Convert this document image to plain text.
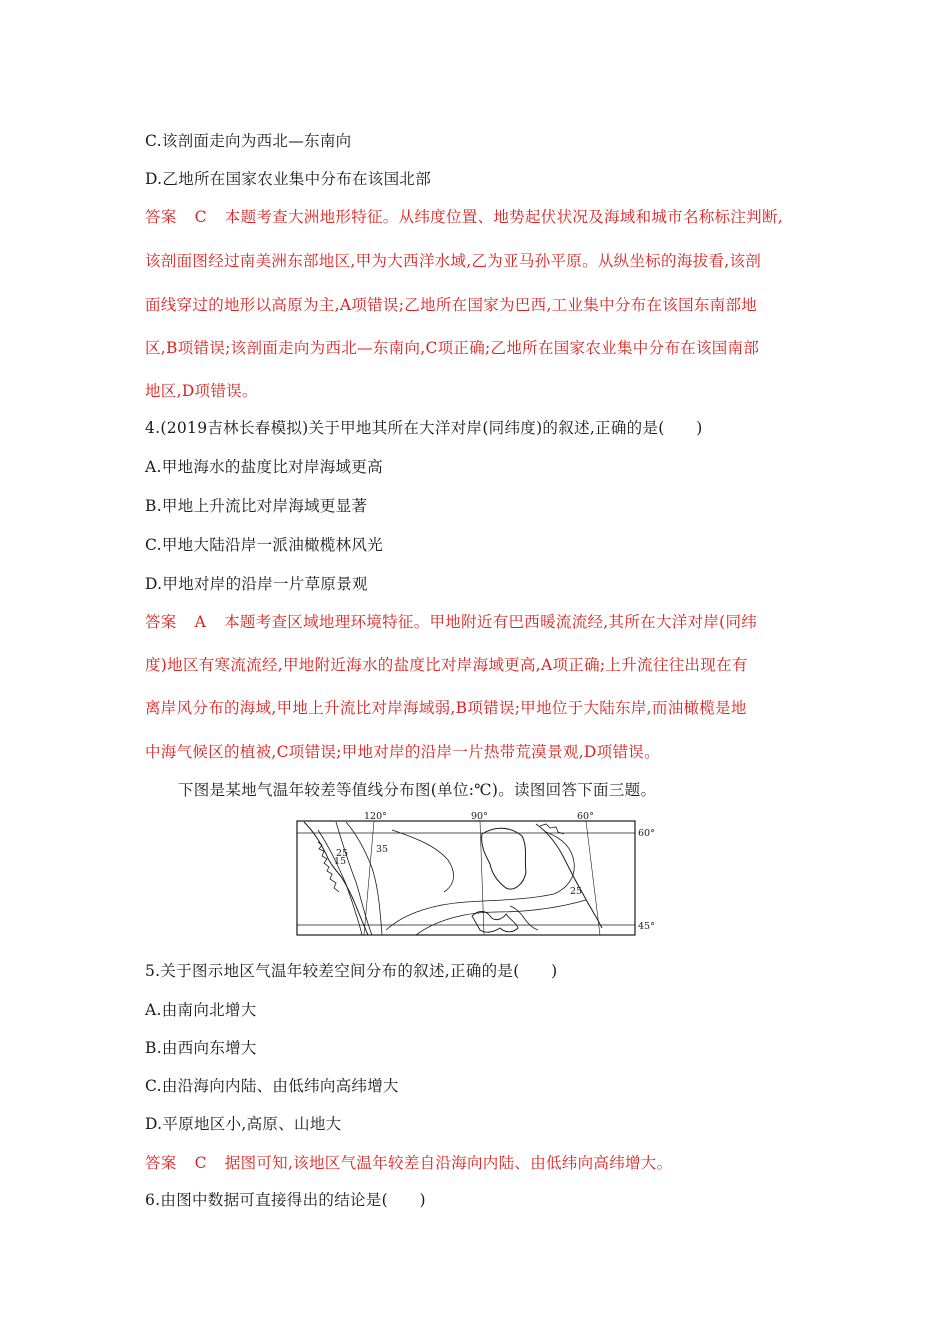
C.该剖面走向为西北—东南向
D.乙地所在国家农业集中分布在该国北部
答案 C 本题考查大洲地形特征。从纬度位置、地势起伏状况及海域和城市名称标注判断,
该剖面图经过南美洲东部地区,甲为大西洋水域,乙为亚马孙平原。从纵坐标的海拔看,该剖
面线穿过的地形以高原为主,A项错误;乙地所在国家为巴西,工业集中分布在该国东南部地
区,B项错误;该剖面走向为西北—东南向,C项正确;乙地所在国家农业集中分布在该国南部
地区,D项错误。
4.(2019吉林长春模拟)关于甲地其所在大洋对岸(同纬度)的叙述,正确的是(　　)
A.甲地海水的盐度比对岸海域更高
B.甲地上升流比对岸海域更显著
C.甲地大陆沿岸一派油橄榄林风光
D.甲地对岸的沿岸一片草原景观
答案 A 本题考查区域地理环境特征。甲地附近有巴西暖流流经,其所在大洋对岸(同纬
度)地区有寒流流经,甲地附近海水的盐度比对岸海域更高,A项正确;上升流往往出现在有
离岸风分布的海域,甲地上升流比对岸海域弱,B项错误;甲地位于大陆东岸,而油橄榄是地
中海气候区的植被,C项错误;甲地对岸的沿岸一片热带荒漠景观,D项错误。
下图是某地气温年较差等值线分布图(单位:℃)。读图回答下面三题。
120°	90°	60°
60°
45°
25	35
15
25
5.关于图示地区气温年较差空间分布的叙述,正确的是(　　)
A.由南向北增大
B.由西向东增大
C.由沿海向内陆、由低纬向高纬增大
D.平原地区小,高原、山地大
答案 C 据图可知,该地区气温年较差自沿海向内陆、由低纬向高纬增大。
6.由图中数据可直接得出的结论是(　　)
